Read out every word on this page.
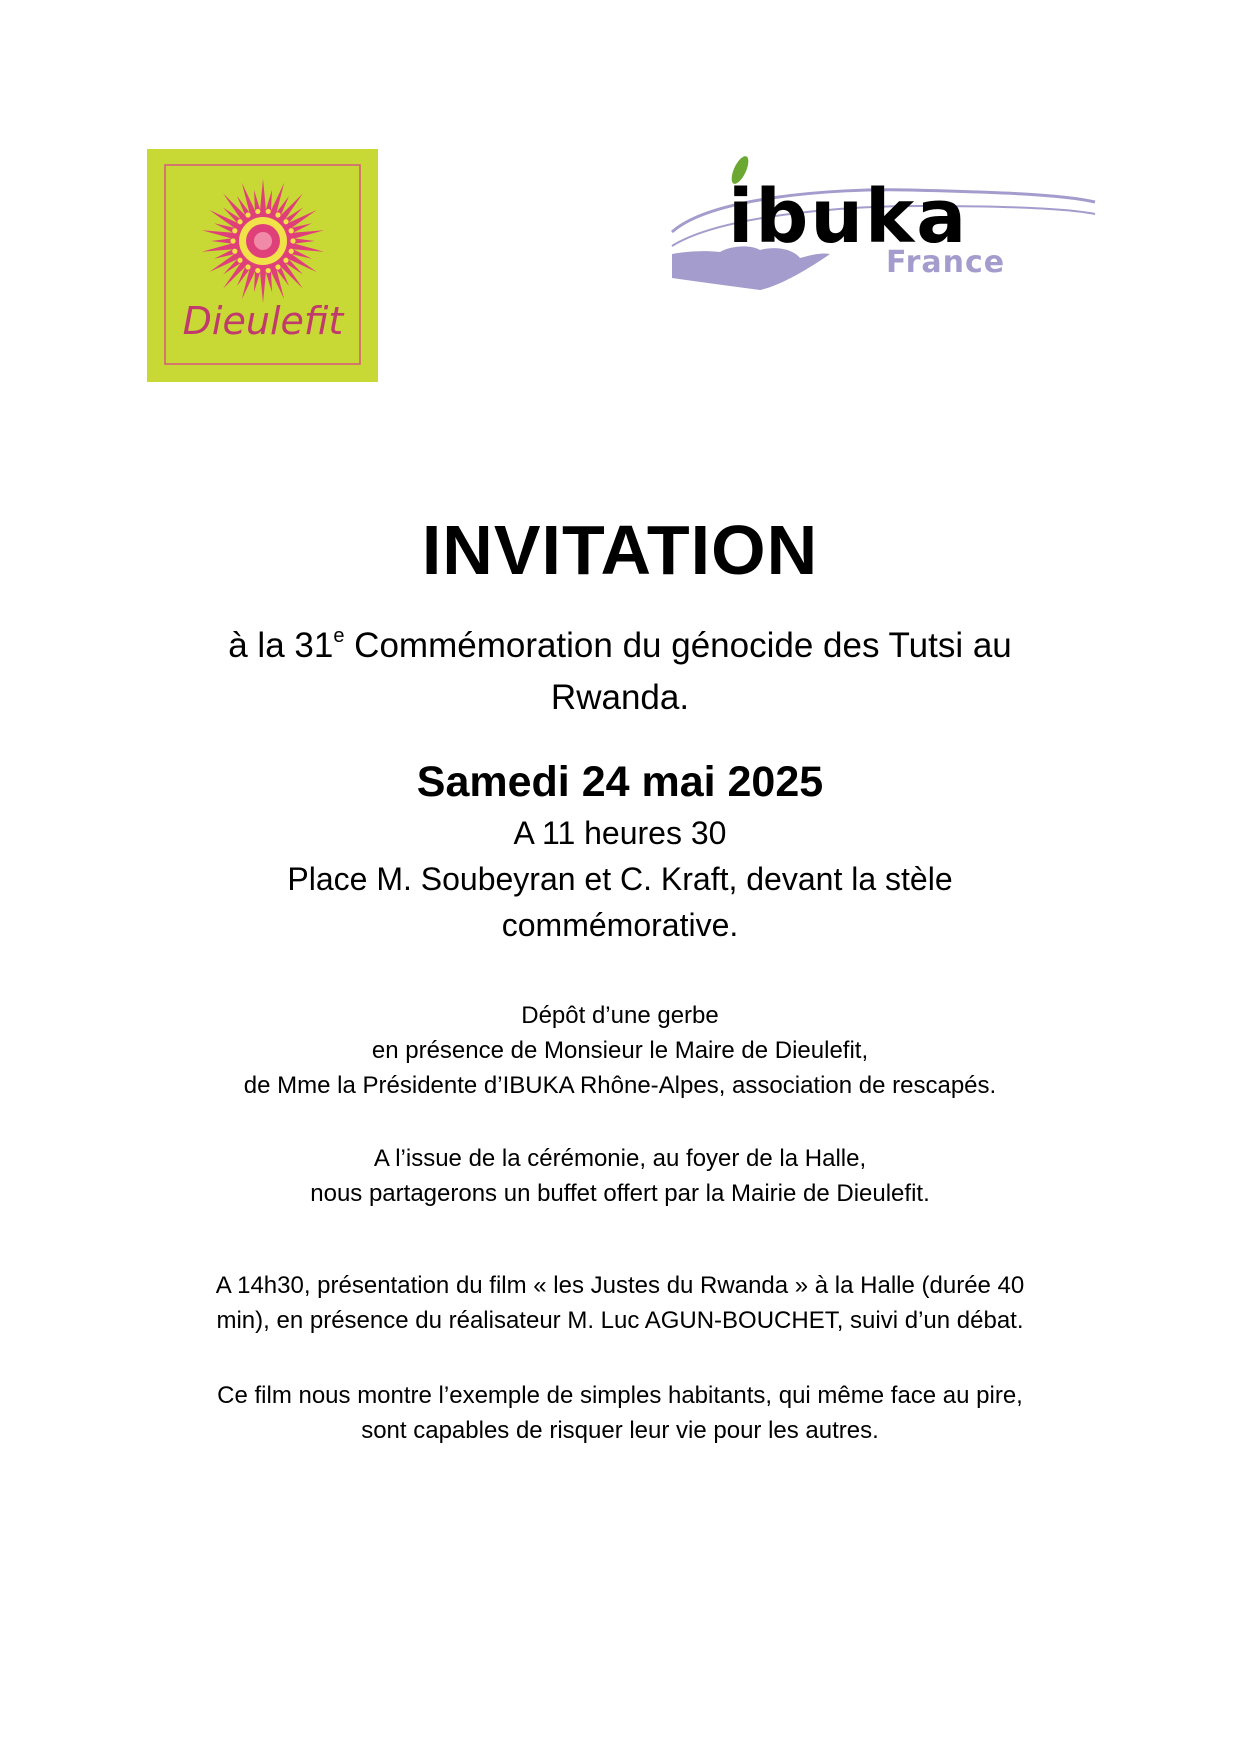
Dieulefit
ibuka
France
INVITATION
à la 31e Commémoration du génocide des Tutsi au
Rwanda.
Samedi 24 mai 2025
A 11 heures 30
Place M. Soubeyran et C. Kraft, devant la stèle
commémorative.
Dépôt d’une gerbe
en présence de Monsieur le Maire de Dieulefit,
de Mme la Présidente d’IBUKA Rhône-Alpes, association de rescapés.
A l’issue de la cérémonie, au foyer de la Halle,
nous partagerons un buffet offert par la Mairie de Dieulefit.
A 14h30, présentation du film « les Justes du Rwanda » à la Halle (durée 40
min), en présence du réalisateur M. Luc AGUN-BOUCHET, suivi d’un débat.
Ce film nous montre l’exemple de simples habitants, qui même face au pire,
sont capables de risquer leur vie pour les autres.
